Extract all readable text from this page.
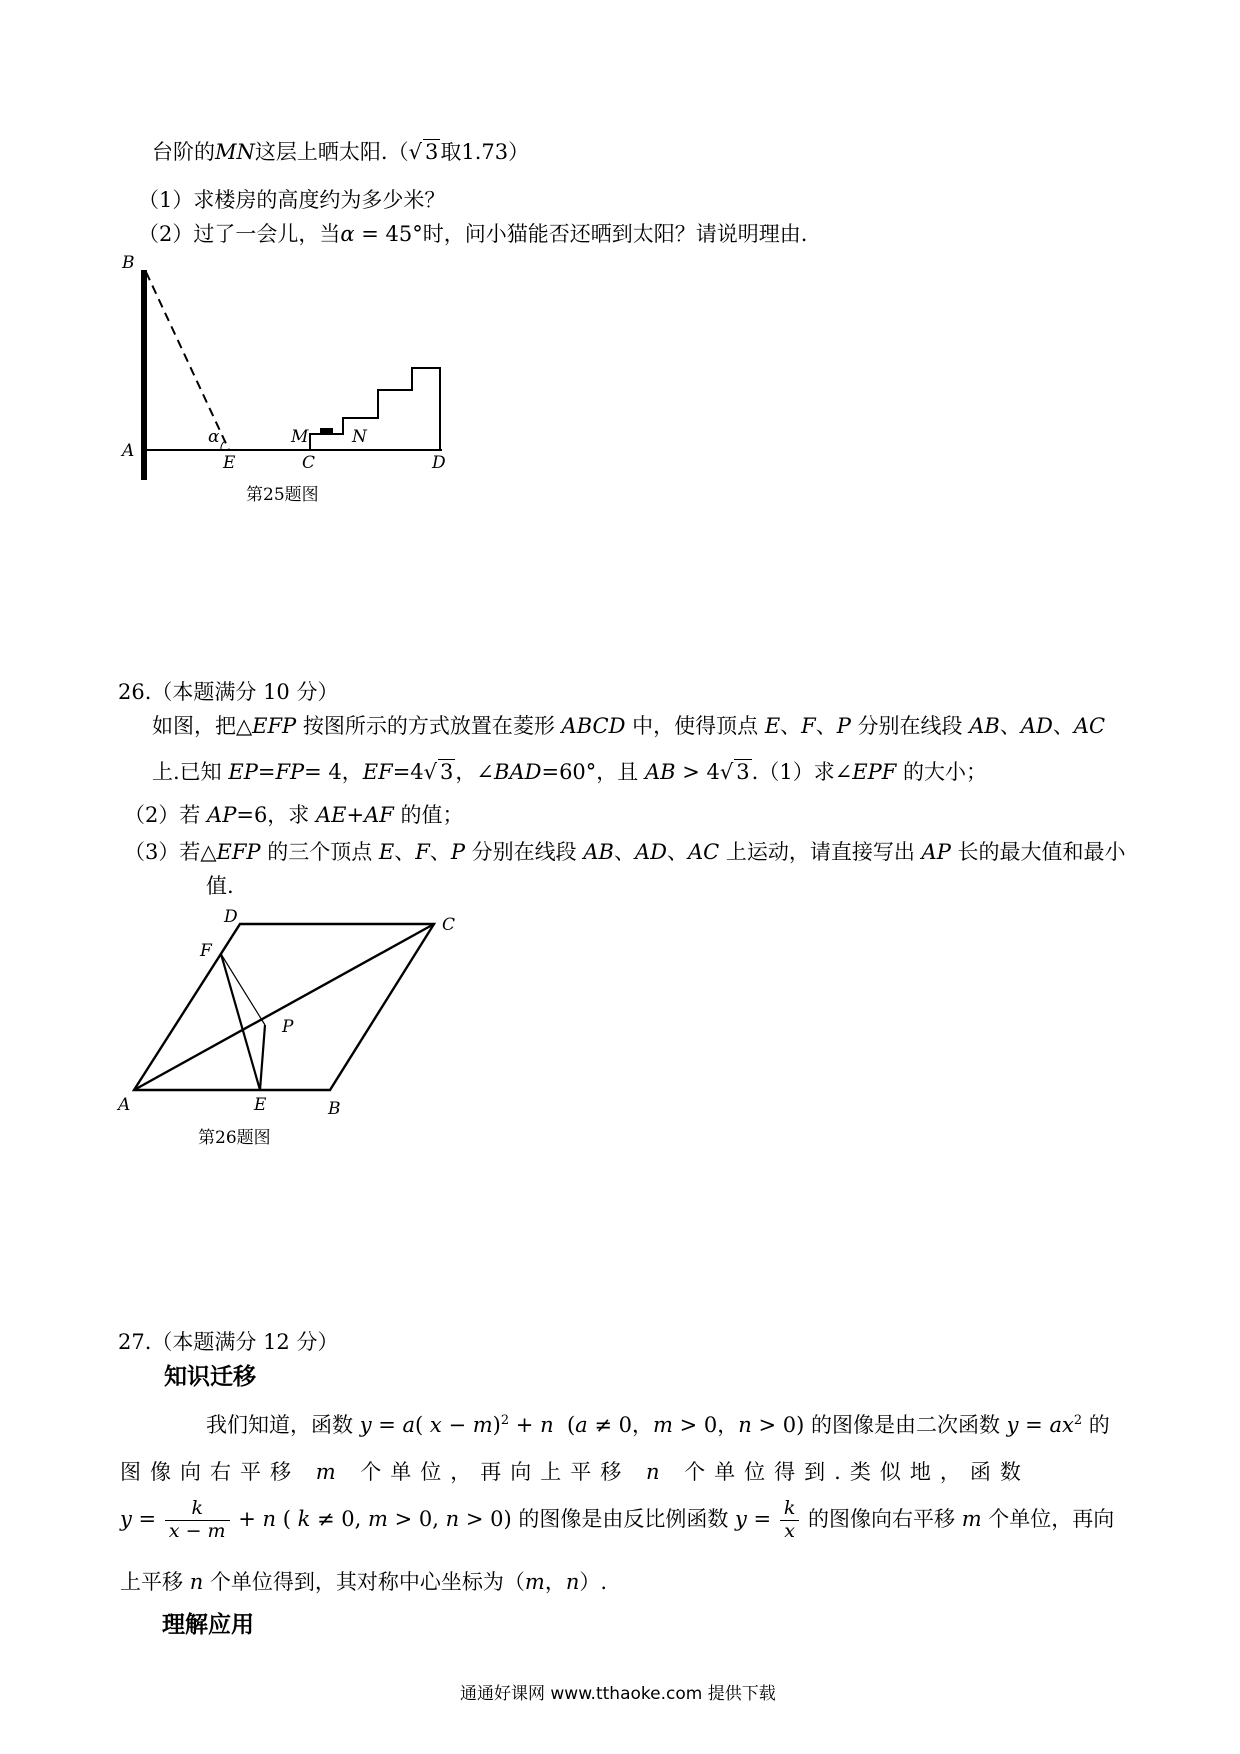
台阶的MN这层上晒太阳.（√ 3取1.73）
（1）求楼房的高度约为多少米？
（2）过了一会儿，当α = 45°时，问小猫能否还晒到太阳？请说明理由.
B
A
α
E
M	N
C	D
第25题图
26.（本题满分 10 分）
如图，把△EFP 按图所示的方式放置在菱形 ABCD 中，使得顶点 E、F、P 分别在线段 AB、AD、AC
上.已知 EP=FP= 4，EF=4√ 3，∠BAD=60°，且 AB > 4√ 3.（1）求∠EPF 的大小；
（2）若 AP=6，求 AE+AF 的值；
（3）若△EFP 的三个顶点 E、F、P 分别在线段 AB、AD、AC 上运动，请直接写出 AP 长的最大值和最小
值.
D	C
F
P
A	E	B
第26题图
27.（本题满分 12 分）
知识迁移
我们知道，函数 y = a( x − m)$^2$ + n  (a ≠ 0，m > 0，n > 0) 的图像是由二次函数 $y = ax^2$ 的
图像向右平移 m 个单位，再向上平移 n 个单位得到.类似地，函数
$y = \frac{k}{x - m} + n$ ( k ≠ 0, m > 0, n > 0) 的图像是由反比例函数 $y = \frac{k}{x}$ 的图像向右平移 m 个单位，再向
上平移 n 个单位得到，其对称中心坐标为（m，n）.
理解应用
通通好课网 www.tthaoke.com 提供下载
